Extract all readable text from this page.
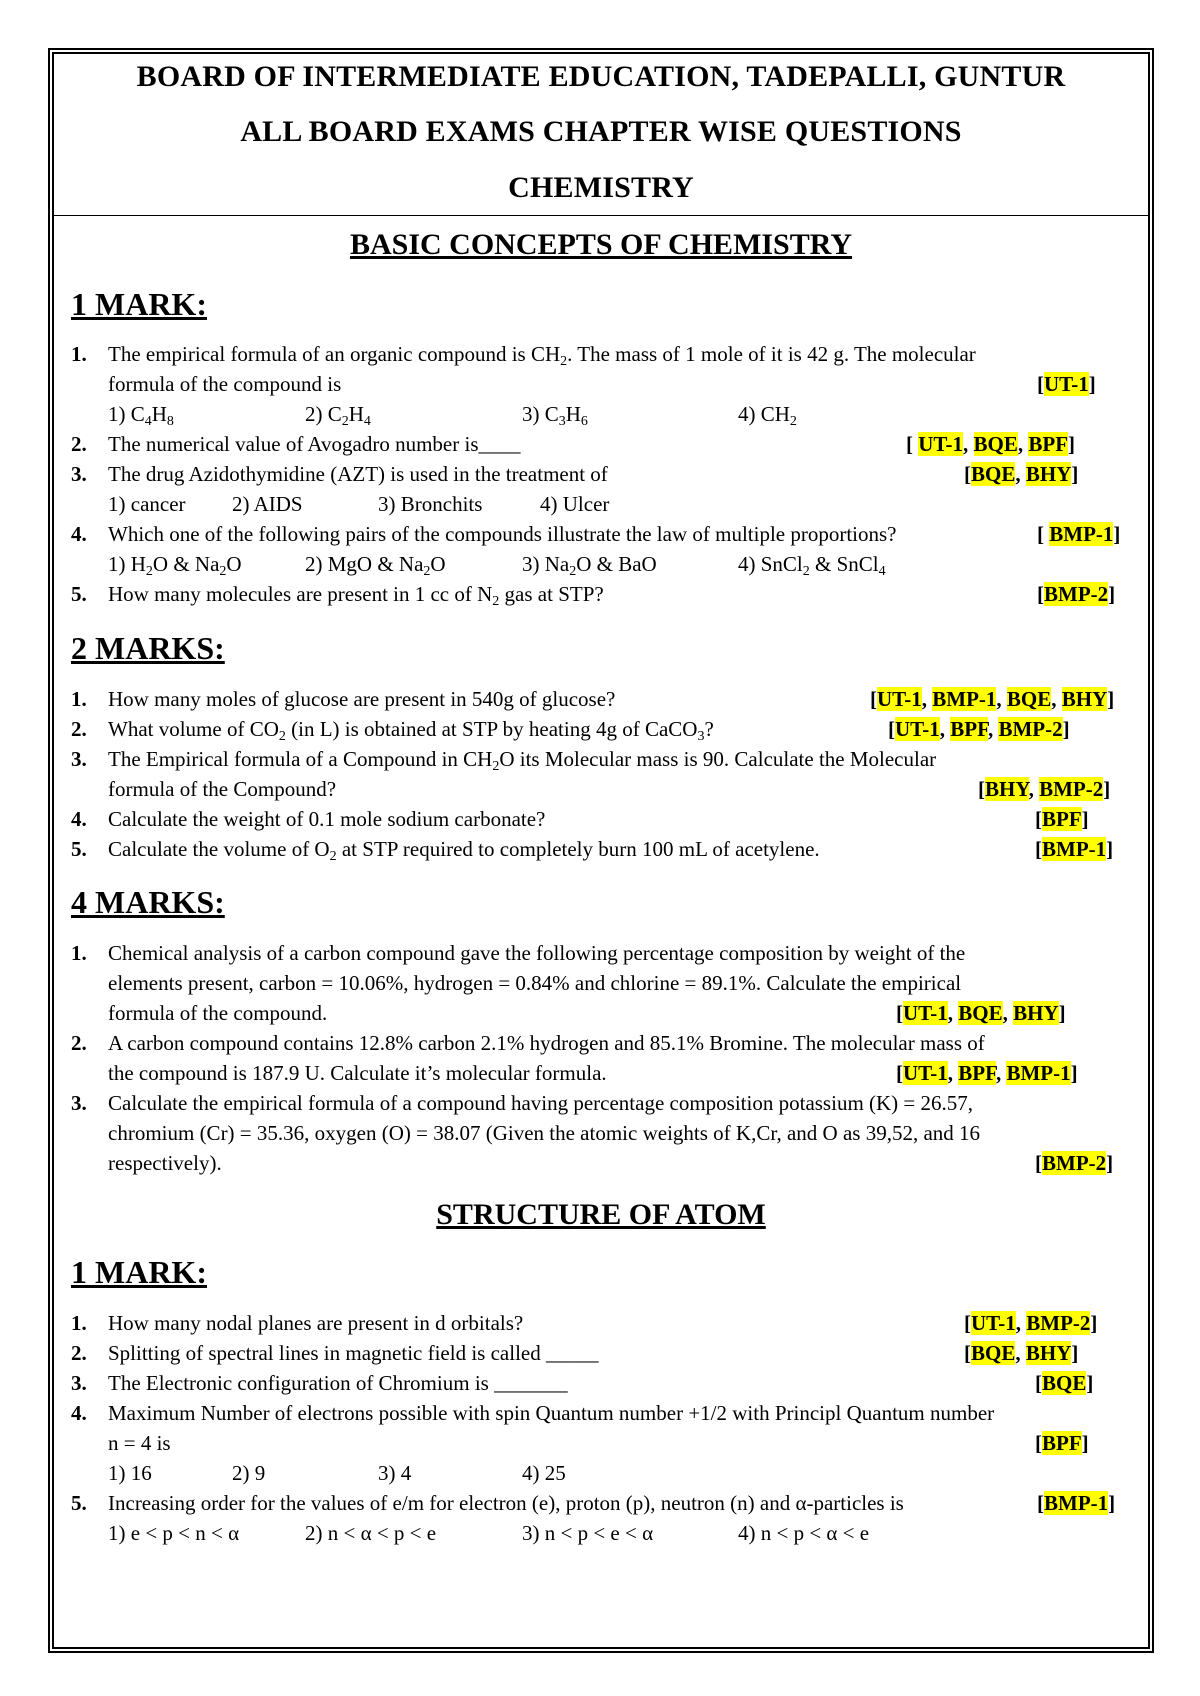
BOARD OF INTERMEDIATE EDUCATION, TADEPALLI, GUNTUR
ALL BOARD EXAMS CHAPTER WISE QUESTIONS
CHEMISTRY
BASIC CONCEPTS OF CHEMISTRY
1 MARK:
1. The empirical formula of an organic compound is $CH_2$. The mass of 1 mole of it is 42 g. The molecular
formula of the compound is	[UT-1]
1) $C_4H_8$	2) $C_2H_4$	3) $C_3H_6$	4) $CH_2$
2. The numerical value of Avogadro number is____	[ UT-1, BQE, BPF]
3. The drug Azidothymidine (AZT) is used in the treatment of	[BQE, BHY]
1) cancer 2) AIDS	3) Bronchits	4) Ulcer
4. Which one of the following pairs of the compounds illustrate the law of multiple proportions?	[ BMP-1]
1) $H_2O$ & $Na_2O$	2) MgO & $Na_2O$	3) $Na_2O$ & BaO	4) SnCl$_2$ & SnCl$_4$
5. How many molecules are present in 1 cc of $N_2$ gas at STP?	[BMP-2]
2 MARKS:
1. How many moles of glucose are present in 540g of glucose?	[UT-1, BMP-1, BQE, BHY]
2. What volume of $CO_2$ (in L) is obtained at STP by heating 4g of CaCO$_3$?	[UT-1, BPF, BMP-2]
3. The Empirical formula of a Compound in $CH_2O$ its Molecular mass is 90. Calculate the Molecular
formula of the Compound?	[BHY, BMP-2]
4. Calculate the weight of 0.1 mole sodium carbonate?	[BPF]
5. Calculate the volume of $O_2$ at STP required to completely burn 100 mL of acetylene.	[BMP-1]
4 MARKS:
1. Chemical analysis of a carbon compound gave the following percentage composition by weight of the
elements present, carbon = 10.06%, hydrogen = 0.84% and chlorine = 89.1%. Calculate the empirical
formula of the compound.	[UT-1, BQE, BHY]
2. A carbon compound contains 12.8% carbon 2.1% hydrogen and 85.1% Bromine. The molecular mass of
the compound is 187.9 U. Calculate it’s molecular formula.	[UT-1, BPF, BMP-1]
3. Calculate the empirical formula of a compound having percentage composition potassium (K) = 26.57,
chromium (Cr) = 35.36, oxygen (O) = 38.07 (Given the atomic weights of K,Cr, and O as 39,52, and 16
respectively).	[BMP-2]
STRUCTURE OF ATOM
1 MARK:
1. How many nodal planes are present in d orbitals?	[UT-1, BMP-2]
2. Splitting of spectral lines in magnetic field is called _____	[BQE, BHY]
3. The Electronic configuration of Chromium is _______	[BQE]
4. Maximum Number of electrons possible with spin Quantum number +1/2 with Principl Quantum number
n = 4 is	[BPF]
1) 16	2) 9	3) 4	4) 25
5. Increasing order for the values of e/m for electron (e), proton (p), neutron (n) and α-particles is	[BMP-1]
1) e < p < n < α	2) n < α < p < e	3) n < p < e < α	4) n < p < α < e
